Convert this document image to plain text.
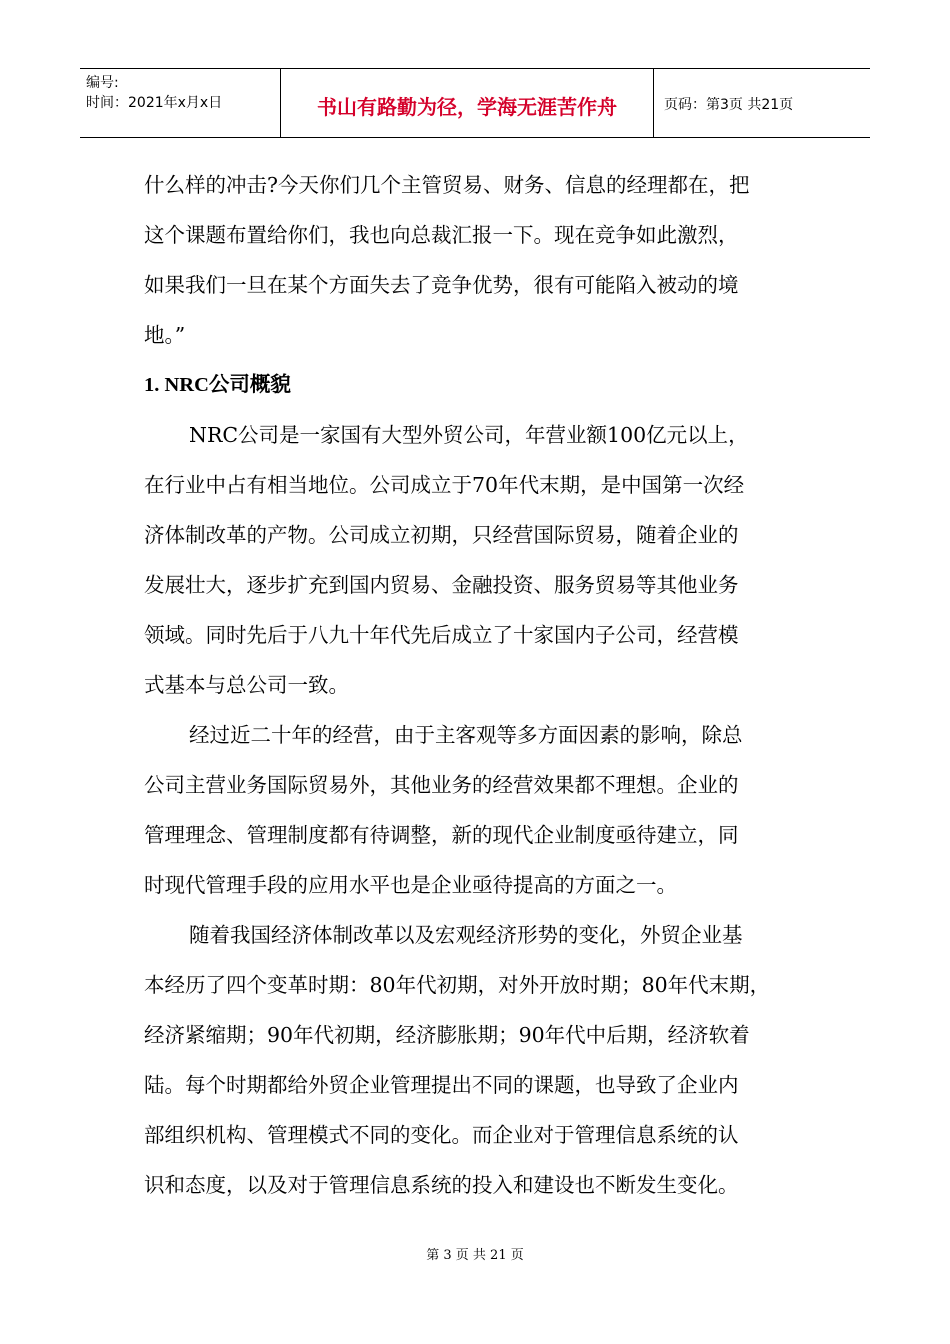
编号:
时间：2021年x月x日	书山有路勤为径，学海无涯苦作舟	页码：第3页 共21页
什么样的冲击?今天你们几个主管贸易、财务、信息的经理都在，把
这个课题布置给你们，我也向总裁汇报一下。现在竞争如此激烈，
如果我们一旦在某个方面失去了竞争优势，很有可能陷入被动的境
地。”
1. NRC公司概貌
NRC公司是一家国有大型外贸公司，年营业额100亿元以上，
在行业中占有相当地位。公司成立于70年代末期，是中国第一次经
济体制改革的产物。公司成立初期，只经营国际贸易，随着企业的
发展壮大，逐步扩充到国内贸易、金融投资、服务贸易等其他业务
领域。同时先后于八九十年代先后成立了十家国内子公司，经营模
式基本与总公司一致。
经过近二十年的经营，由于主客观等多方面因素的影响，除总
公司主营业务国际贸易外，其他业务的经营效果都不理想。企业的
管理理念、管理制度都有待调整，新的现代企业制度亟待建立，同
时现代管理手段的应用水平也是企业亟待提高的方面之一。
随着我国经济体制改革以及宏观经济形势的变化，外贸企业基
本经历了四个变革时期：80年代初期，对外开放时期；80年代末期，
经济紧缩期；90年代初期，经济膨胀期；90年代中后期，经济软着
陆。每个时期都给外贸企业管理提出不同的课题，也导致了企业内
部组织机构、管理模式不同的变化。而企业对于管理信息系统的认
识和态度，以及对于管理信息系统的投入和建设也不断发生变化。
第 3 页 共 21 页
